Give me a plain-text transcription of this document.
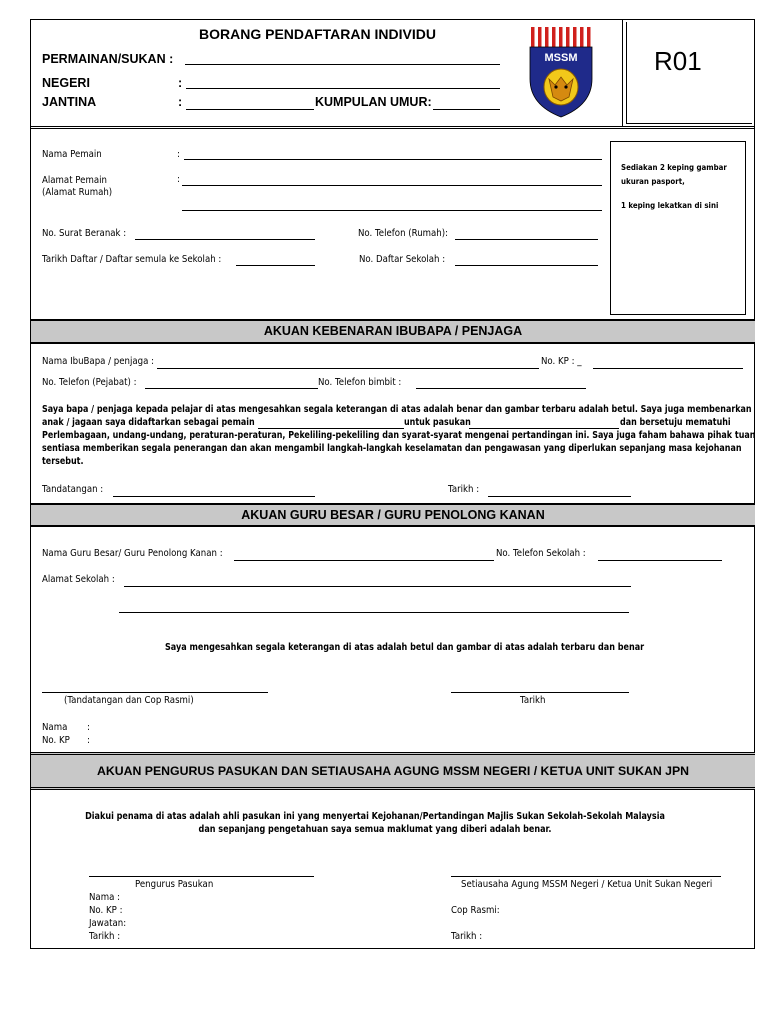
BORANG PENDAFTARAN INDIVIDU
PERMAINAN/SUKAN :
NEGERI	:
JANTINA	:	KUMPULAN UMUR:
MSSM	R01
Nama Pemain	:
Alamat Pemain
(Alamat Rumah)
:
No. Surat Beranak :	No. Telefon (Rumah):
Tarikh Daftar / Daftar semula ke Sekolah :	No. Daftar Sekolah :
Sediakan 2 keping gambar
ukuran pasport,
1 keping lekatkan di sini
AKUAN KEBENARAN IBUBAPA / PENJAGA
Nama IbuBapa / penjaga :	No. KP : _
No. Telefon (Pejabat) :	No. Telefon bimbit :
Saya bapa / penjaga kepada pelajar di atas mengesahkan segala keterangan di atas adalah benar dan gambar terbaru adalah betul. Saya juga membenarkan
anak / jagaan saya didaftarkan sebagai pemain	untuk pasukan	dan bersetuju mematuhi
Perlembagaan, undang-undang, peraturan-peraturan, Pekeliling-pekeliling dan syarat-syarat mengenai pertandingan ini. Saya juga faham bahawa pihak tuan
sentiasa memberikan segala penerangan dan akan mengambil langkah-langkah keselamatan dan pengawasan yang diperlukan sepanjang masa kejohanan
tersebut.
Tandatangan :	Tarikh :
AKUAN GURU BESAR / GURU PENOLONG KANAN
Nama Guru Besar/ Guru Penolong Kanan :	No. Telefon Sekolah :
Alamat Sekolah :
Saya mengesahkan segala keterangan di atas adalah betul dan gambar di atas adalah terbaru dan benar
(Tandatangan dan Cop Rasmi)	Tarikh
Nama :
No. KP :
AKUAN PENGURUS PASUKAN DAN SETIAUSAHA AGUNG MSSM NEGERI / KETUA UNIT SUKAN JPN
Diakui penama di atas adalah ahli pasukan ini yang menyertai Kejohanan/Pertandingan Majlis Sukan Sekolah-Sekolah Malaysia
dan sepanjang pengetahuan saya semua maklumat yang diberi adalah benar.
Pengurus Pasukan
Nama :
No. KP :
Jawatan:
Tarikh :
Setiausaha Agung MSSM Negeri / Ketua Unit Sukan Negeri
Cop Rasmi:
Tarikh :
